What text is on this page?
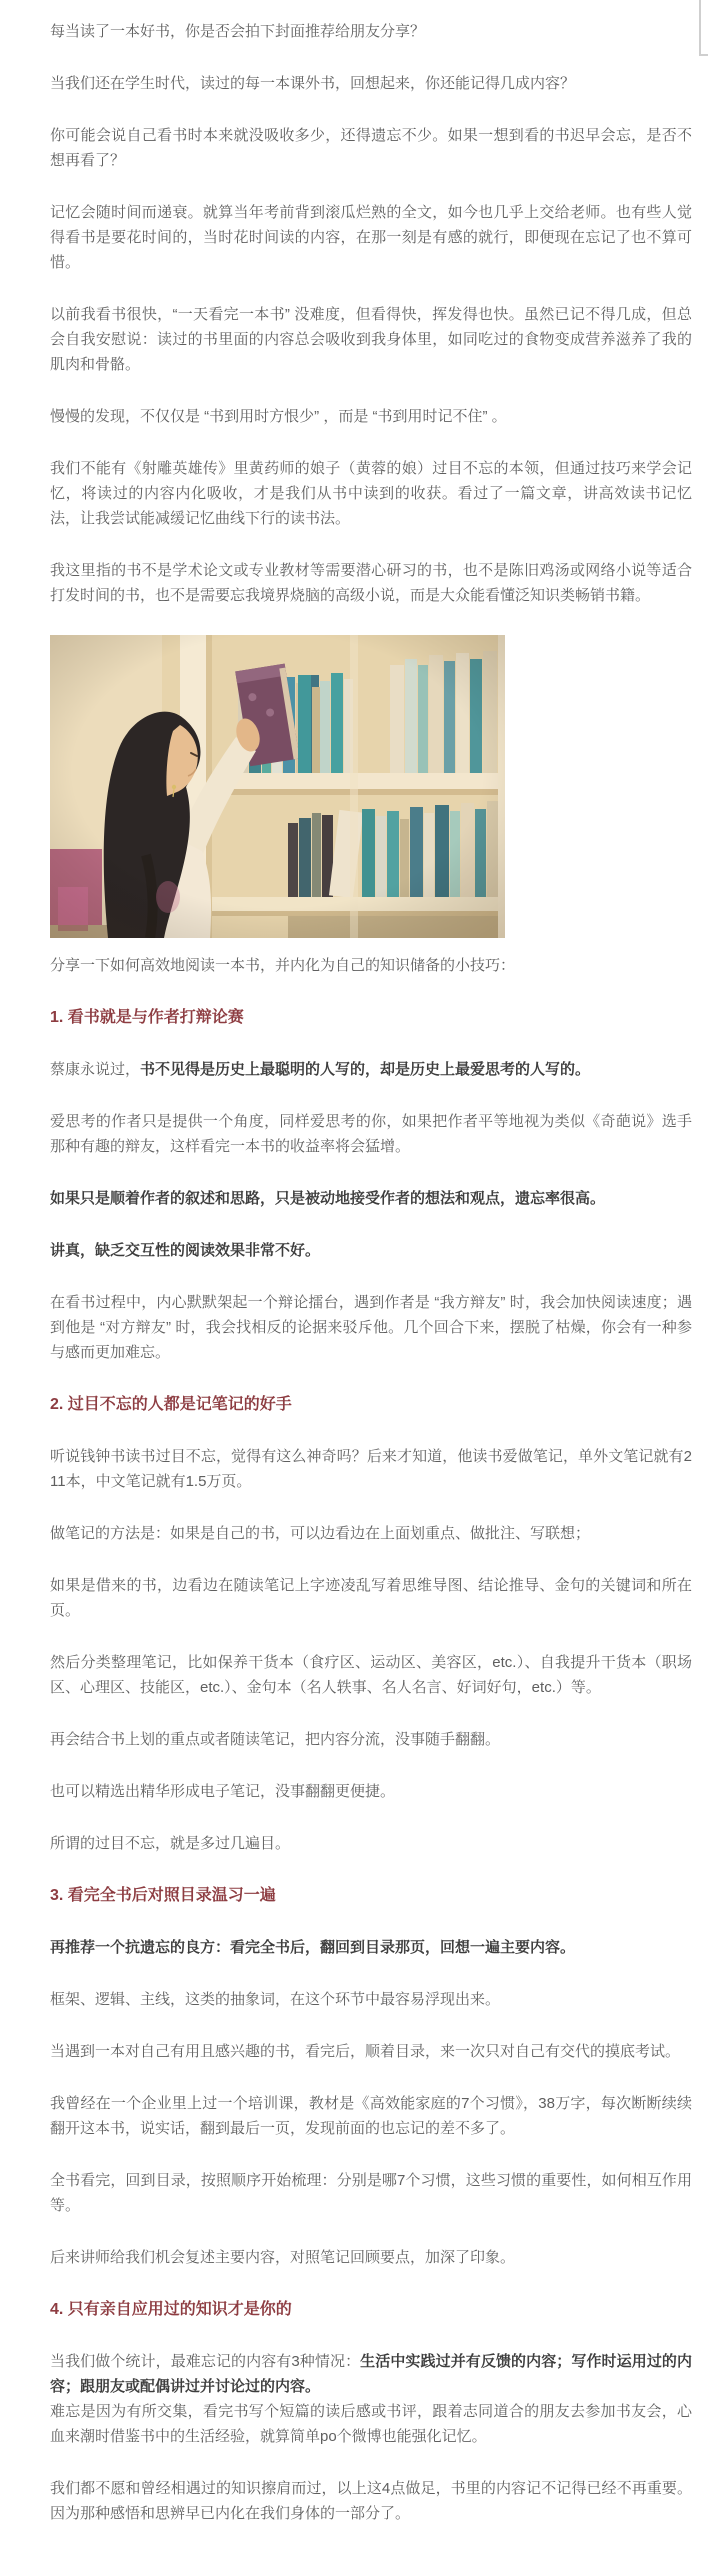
每当读了一本好书，你是否会拍下封面推荐给朋友分享？

当我们还在学生时代，读过的每一本课外书，回想起来，你还能记得几成内容？

你可能会说自己看书时本来就没吸收多少，还得遗忘不少。如果一想到看的书迟早会忘，是否不想再看了？

记忆会随时间而递衰。就算当年考前背到滚瓜烂熟的全文，如今也几乎上交给老师。也有些人觉得看书是要花时间的，当时花时间读的内容，在那一刻是有感的就行，即便现在忘记了也不算可惜。

以前我看书很快，“一天看完一本书” 没难度，但看得快，挥发得也快。虽然已记不得几成，但总会自我安慰说：读过的书里面的内容总会吸收到我身体里，如同吃过的食物变成营养滋养了我的肌肉和骨骼。

慢慢的发现，不仅仅是 “书到用时方恨少” ，而是 “书到用时记不住” 。

我们不能有《射雕英雄传》里黄药师的娘子（黄蓉的娘）过目不忘的本领，但通过技巧来学会记忆，将读过的内容内化吸收，才是我们从书中读到的收获。看过了一篇文章，讲高效读书记忆法，让我尝试能减缓记忆曲线下行的读书法。

我这里指的书不是学术论文或专业教材等需要潜心研习的书，也不是陈旧鸡汤或网络小说等适合打发时间的书，也不是需要忘我境界烧脑的高级小说，而是大众能看懂泛知识类畅销书籍。

分享一下如何高效地阅读一本书，并内化为自己的知识储备的小技巧：

1. 看书就是与作者打辩论赛

蔡康永说过，书不见得是历史上最聪明的人写的，却是历史上最爱思考的人写的。

爱思考的作者只是提供一个角度，同样爱思考的你，如果把作者平等地视为类似《奇葩说》选手那种有趣的辩友，这样看完一本书的收益率将会猛增。

如果只是顺着作者的叙述和思路，只是被动地接受作者的想法和观点，遗忘率很高。

讲真，缺乏交互性的阅读效果非常不好。

在看书过程中，内心默默架起一个辩论擂台，遇到作者是 “我方辩友” 时，我会加快阅读速度；遇到他是 “对方辩友” 时，我会找相反的论据来驳斥他。几个回合下来，摆脱了枯燥，你会有一种参与感而更加难忘。

2. 过目不忘的人都是记笔记的好手

听说钱钟书读书过目不忘，觉得有这么神奇吗？后来才知道，他读书爱做笔记，单外文笔记就有211本，中文笔记就有1.5万页。

做笔记的方法是：如果是自己的书，可以边看边在上面划重点、做批注、写联想；

如果是借来的书，边看边在随读笔记上字迹凌乱写着思维导图、结论推导、金句的关键词和所在页。

然后分类整理笔记，比如保养干货本（食疗区、运动区、美容区，etc.）、自我提升干货本（职场区、心理区、技能区，etc.）、金句本（名人轶事、名人名言、好词好句，etc.）等。

再会结合书上划的重点或者随读笔记，把内容分流，没事随手翻翻。

也可以精选出精华形成电子笔记，没事翻翻更便捷。

所谓的过目不忘，就是多过几遍目。

3. 看完全书后对照目录温习一遍

再推荐一个抗遗忘的良方：看完全书后，翻回到目录那页，回想一遍主要内容。

框架、逻辑、主线，这类的抽象词，在这个环节中最容易浮现出来。

当遇到一本对自己有用且感兴趣的书，看完后，顺着目录，来一次只对自己有交代的摸底考试。

我曾经在一个企业里上过一个培训课，教材是《高效能家庭的7个习惯》，38万字，每次断断续续翻开这本书，说实话，翻到最后一页，发现前面的也忘记的差不多了。

全书看完，回到目录，按照顺序开始梳理：分别是哪7个习惯，这些习惯的重要性，如何相互作用等。

后来讲师给我们机会复述主要内容，对照笔记回顾要点，加深了印象。

4. 只有亲自应用过的知识才是你的

当我们做个统计，最难忘记的内容有3种情况：生活中实践过并有反馈的内容；写作时运用过的内容；跟朋友或配偶讲过并讨论过的内容。
难忘是因为有所交集，看完书写个短篇的读后感或书评，跟着志同道合的朋友去参加书友会，心血来潮时借鉴书中的生活经验，就算简单po个微博也能强化记忆。

我们都不愿和曾经相遇过的知识擦肩而过，以上这4点做足，书里的内容记不记得已经不再重要。因为那种感悟和思辨早已内化在我们身体的一部分了。
